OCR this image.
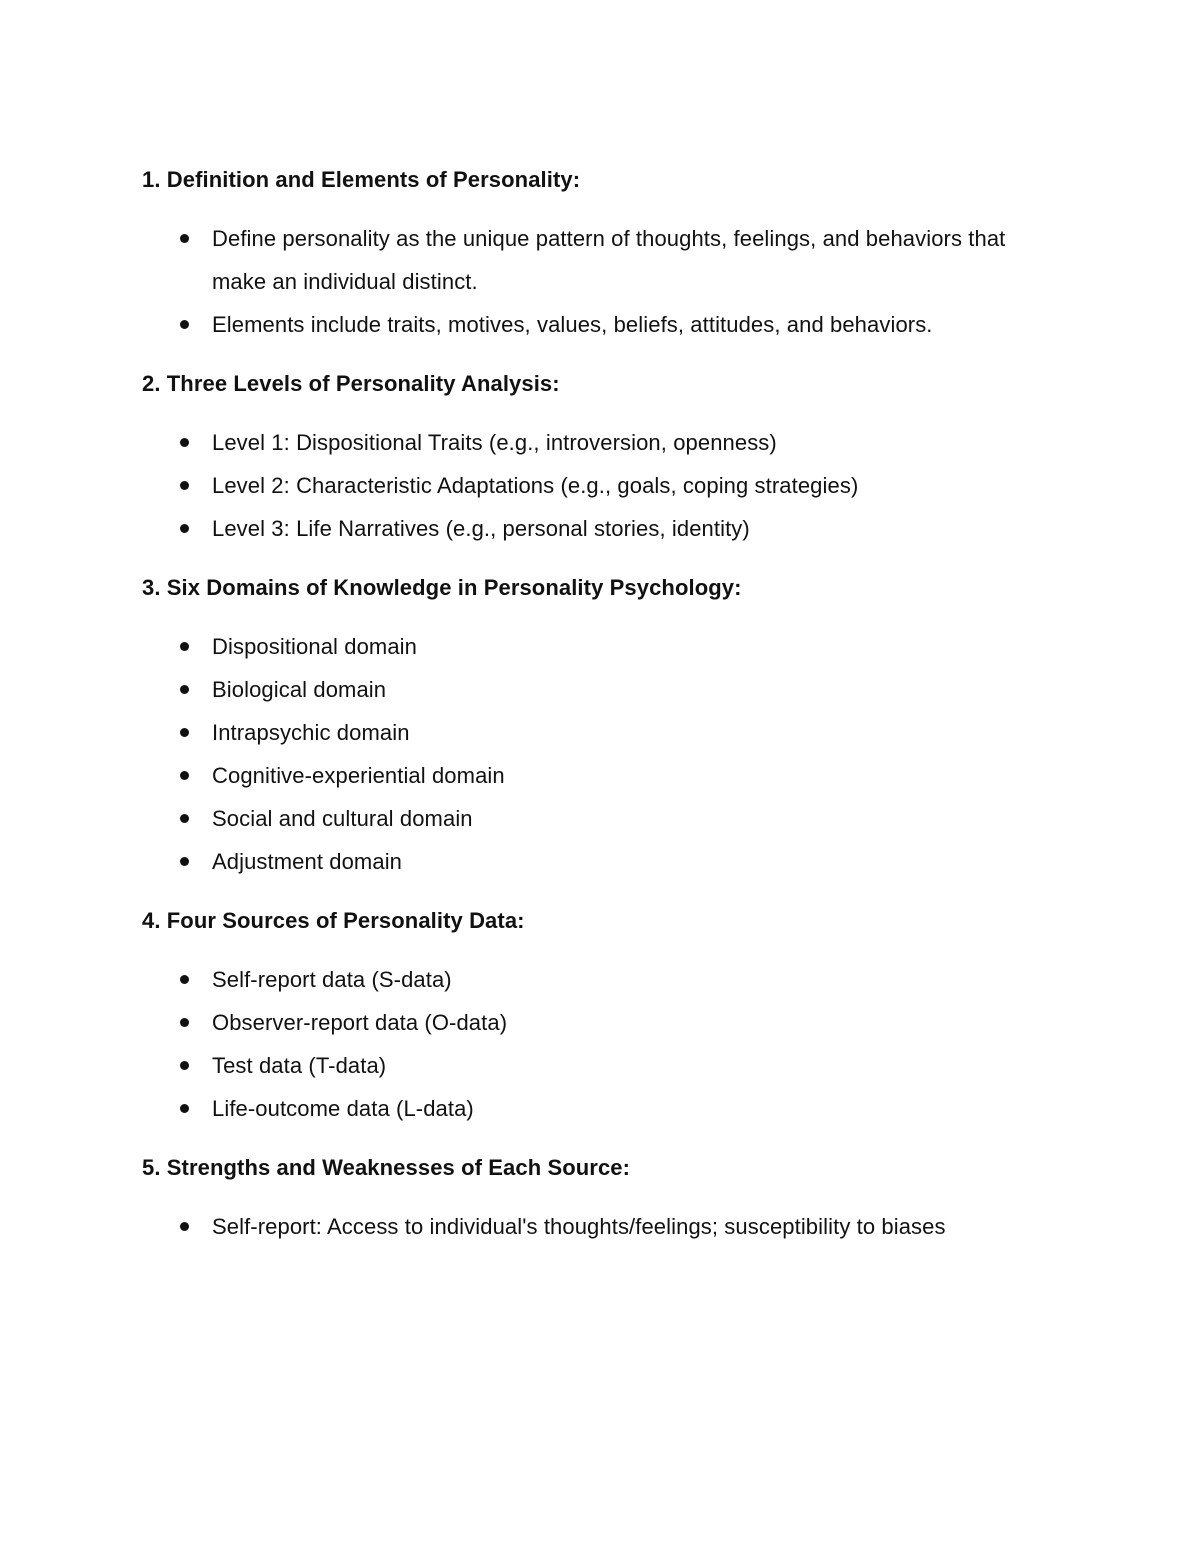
1. Definition and Elements of Personality:
Define personality as the unique pattern of thoughts, feelings, and behaviors that make an individual distinct.
Elements include traits, motives, values, beliefs, attitudes, and behaviors.
2. Three Levels of Personality Analysis:
Level 1: Dispositional Traits (e.g., introversion, openness)
Level 2: Characteristic Adaptations (e.g., goals, coping strategies)
Level 3: Life Narratives (e.g., personal stories, identity)
3. Six Domains of Knowledge in Personality Psychology:
Dispositional domain
Biological domain
Intrapsychic domain
Cognitive-experiential domain
Social and cultural domain
Adjustment domain
4. Four Sources of Personality Data:
Self-report data (S-data)
Observer-report data (O-data)
Test data (T-data)
Life-outcome data (L-data)
5. Strengths and Weaknesses of Each Source:
Self-report: Access to individual's thoughts/feelings; susceptibility to biases
